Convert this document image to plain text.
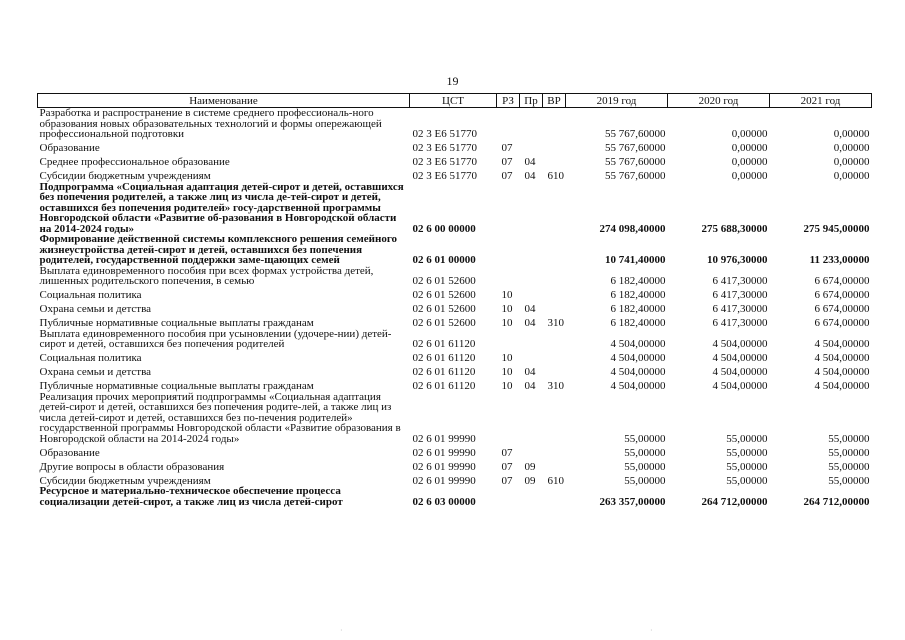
19
Наименование	ЦСТ	РЗ	Пр	ВР	2019 год	2020 год	2021 год
Разработка и распространение в системе среднего профессиональ-ного образования новых образовательных технологий и формы опережающей профессиональной подготовки	02 3 Е6 51770				55 767,60000	0,00000	0,00000
Образование	02 3 Е6 51770	07			55 767,60000	0,00000	0,00000
Среднее профессиональное образование	02 3 Е6 51770	07	04		55 767,60000	0,00000	0,00000
Субсидии бюджетным учреждениям	02 3 Е6 51770	07	04	610	55 767,60000	0,00000	0,00000
Подпрограмма «Социальная адаптация детей-сирот и детей, оставшихся без попечения родителей, а также лиц из числа де-тей-сирот и детей, оставшихся без попечения родителей» госу-дарственной программы Новгородской области «Развитие об-разования в Новгородской области на 2014-2024 годы»	02 6 00 00000				274 098,40000	275 688,30000	275 945,00000
Формирование действенной системы комплексного решения семейного жизнеустройства детей-сирот и детей, оставшихся без попечения родителей, государственной поддержки заме-щающих семей	02 6 01 00000				10 741,40000	10 976,30000	11 233,00000
Выплата единовременного пособия при всех формах устройства детей, лишенных родительского попечения, в семью	02 6 01 52600				6 182,40000	6 417,30000	6 674,00000
Социальная политика	02 6 01 52600	10			6 182,40000	6 417,30000	6 674,00000
Охрана семьи и детства	02 6 01 52600	10	04		6 182,40000	6 417,30000	6 674,00000
Публичные нормативные социальные выплаты гражданам	02 6 01 52600	10	04	310	6 182,40000	6 417,30000	6 674,00000
Выплата единовременного пособия при усыновлении (удочере-нии) детей-сирот и детей, оставшихся без попечения родителей	02 6 01 61120				4 504,00000	4 504,00000	4 504,00000
Социальная политика	02 6 01 61120	10			4 504,00000	4 504,00000	4 504,00000
Охрана семьи и детства	02 6 01 61120	10	04		4 504,00000	4 504,00000	4 504,00000
Публичные нормативные социальные выплаты гражданам	02 6 01 61120	10	04	310	4 504,00000	4 504,00000	4 504,00000
Реализация прочих мероприятий подпрограммы «Социальная адаптация детей-сирот и детей, оставшихся без попечения родите-лей, а также лиц из числа детей-сирот и детей, оставшихся без по-печения родителей» государственной программы Новгородской области «Развитие образования в Новгородской области на 2014-2024 годы»	02 6 01 99990				55,00000	55,00000	55,00000
Образование	02 6 01 99990	07			55,00000	55,00000	55,00000
Другие вопросы в области образования	02 6 01 99990	07	09		55,00000	55,00000	55,00000
Субсидии бюджетным учреждениям	02 6 01 99990	07	09	610	55,00000	55,00000	55,00000
Ресурсное и материально-техническое обеспечение процесса социализации детей-сирот, а также лиц из числа детей-сирот	02 6 03 00000				263 357,00000	264 712,00000	264 712,00000
·	·
